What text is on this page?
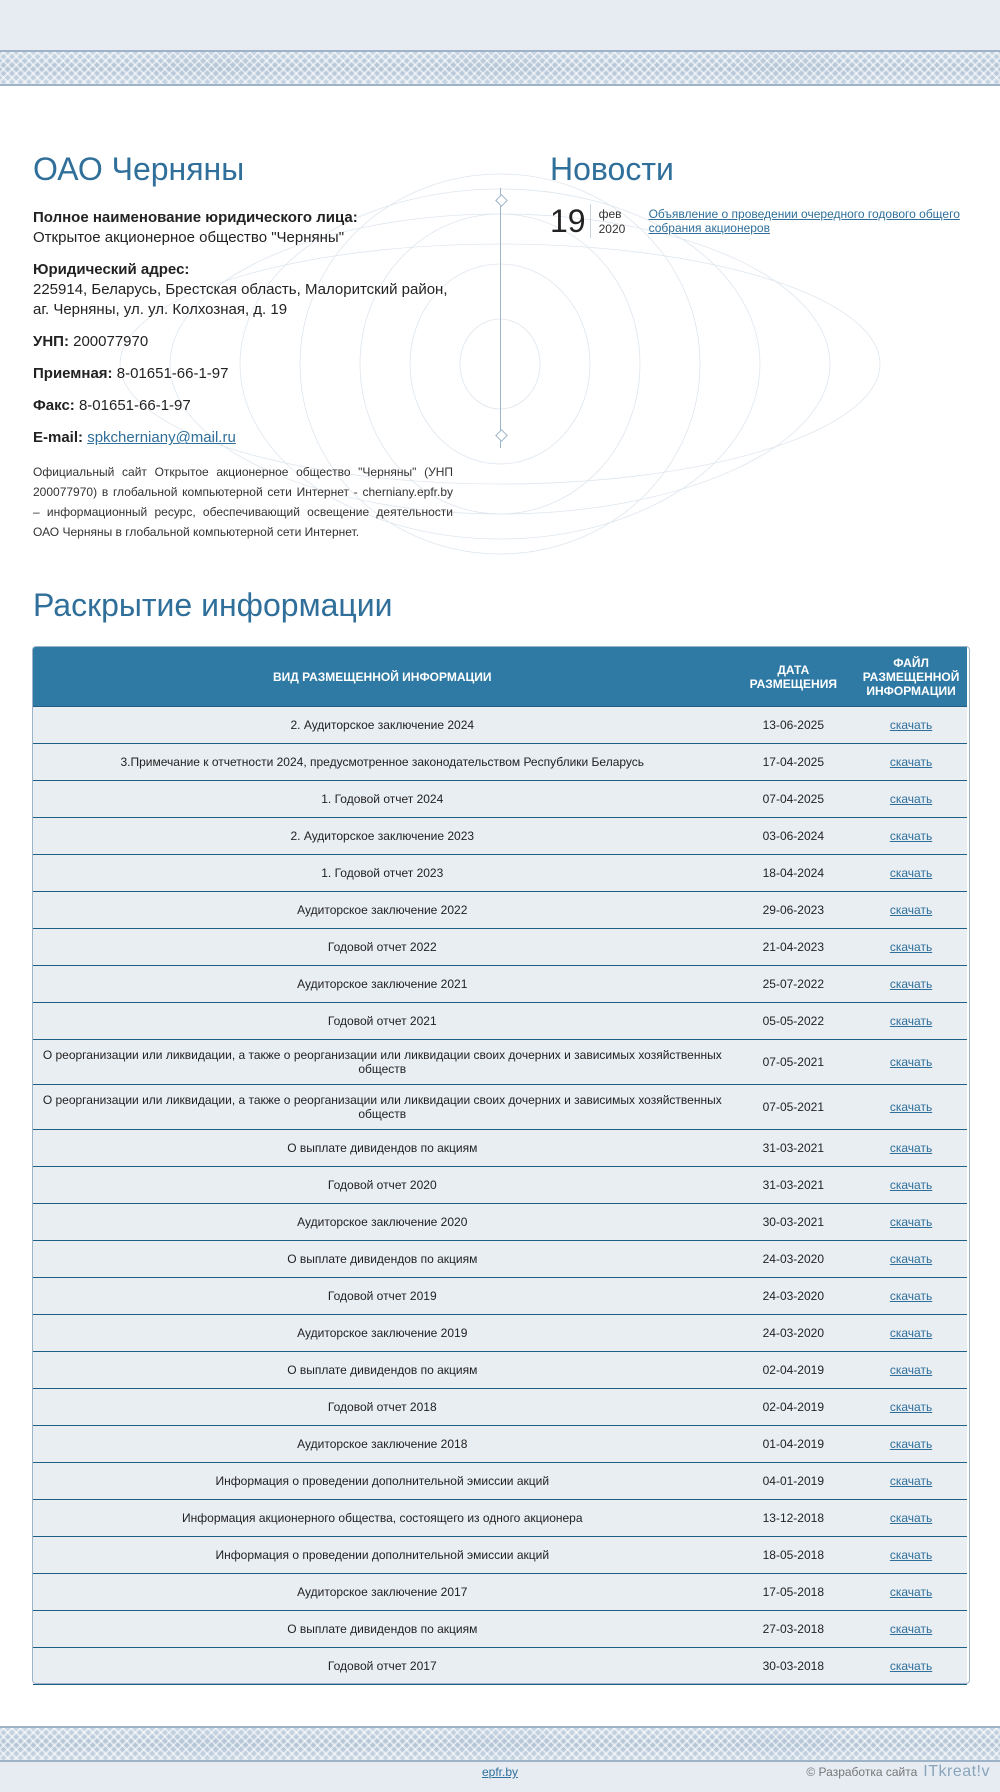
ОАО Черняны
Полное наименование юридического лица:
Открытое акционерное общество "Черняны"
Юридический адрес:
225914, Беларусь, Брестская область, Малоритский район, аг. Черняны, ул. ул. Колхозная, д. 19
УНП: 200077970
Приемная: 8-01651-66-1-97
Факс: 8-01651-66-1-97
E-mail: spkcherniany@mail.ru
Официальный сайт Открытое акционерное общество "Черняны" (УНП 200077970) в глобальной компьютерной сети Интернет - cherniany.epfr.by – информационный ресурс, обеспечивающий освещение деятельности ОАО Черняны в глобальной компьютерной сети Интернет.
Новости
19	фев
2020
Объявление о проведении очередного годового общего собрания акционеров
Раскрытие информации
ВИД РАЗМЕЩЕННОЙ ИНФОРМАЦИИ	ДАТА РАЗМЕЩЕНИЯ	ФАЙЛ РАЗМЕЩЕННОЙ ИНФОРМАЦИИ
2. Аудиторское заключение 2024	13-06-2025	скачать
3.Примечание к отчетности 2024, предусмотренное законодательством Республики Беларусь	17-04-2025	скачать
1. Годовой отчет 2024	07-04-2025	скачать
2. Аудиторское заключение 2023	03-06-2024	скачать
1. Годовой отчет 2023	18-04-2024	скачать
Аудиторское заключение 2022	29-06-2023	скачать
Годовой отчет 2022	21-04-2023	скачать
Аудиторское заключение 2021	25-07-2022	скачать
Годовой отчет 2021	05-05-2022	скачать
О реорганизации или ликвидации, а также о реорганизации или ликвидации своих дочерних и зависимых хозяйственных обществ	07-05-2021	скачать
О реорганизации или ликвидации, а также о реорганизации или ликвидации своих дочерних и зависимых хозяйственных обществ	07-05-2021	скачать
О выплате дивидендов по акциям	31-03-2021	скачать
Годовой отчет 2020	31-03-2021	скачать
Аудиторское заключение 2020	30-03-2021	скачать
О выплате дивидендов по акциям	24-03-2020	скачать
Годовой отчет 2019	24-03-2020	скачать
Аудиторское заключение 2019	24-03-2020	скачать
О выплате дивидендов по акциям	02-04-2019	скачать
Годовой отчет 2018	02-04-2019	скачать
Аудиторское заключение 2018	01-04-2019	скачать
Информация о проведении дополнительной эмиссии акций	04-01-2019	скачать
Информация акционерного общества, состоящего из одного акционера	13-12-2018	скачать
Информация о проведении дополнительной эмиссии акций	18-05-2018	скачать
Аудиторское заключение 2017	17-05-2018	скачать
О выплате дивидендов по акциям	27-03-2018	скачать
Годовой отчет 2017	30-03-2018	скачать
epfr.by	© Разработка сайта ITkreat!v
